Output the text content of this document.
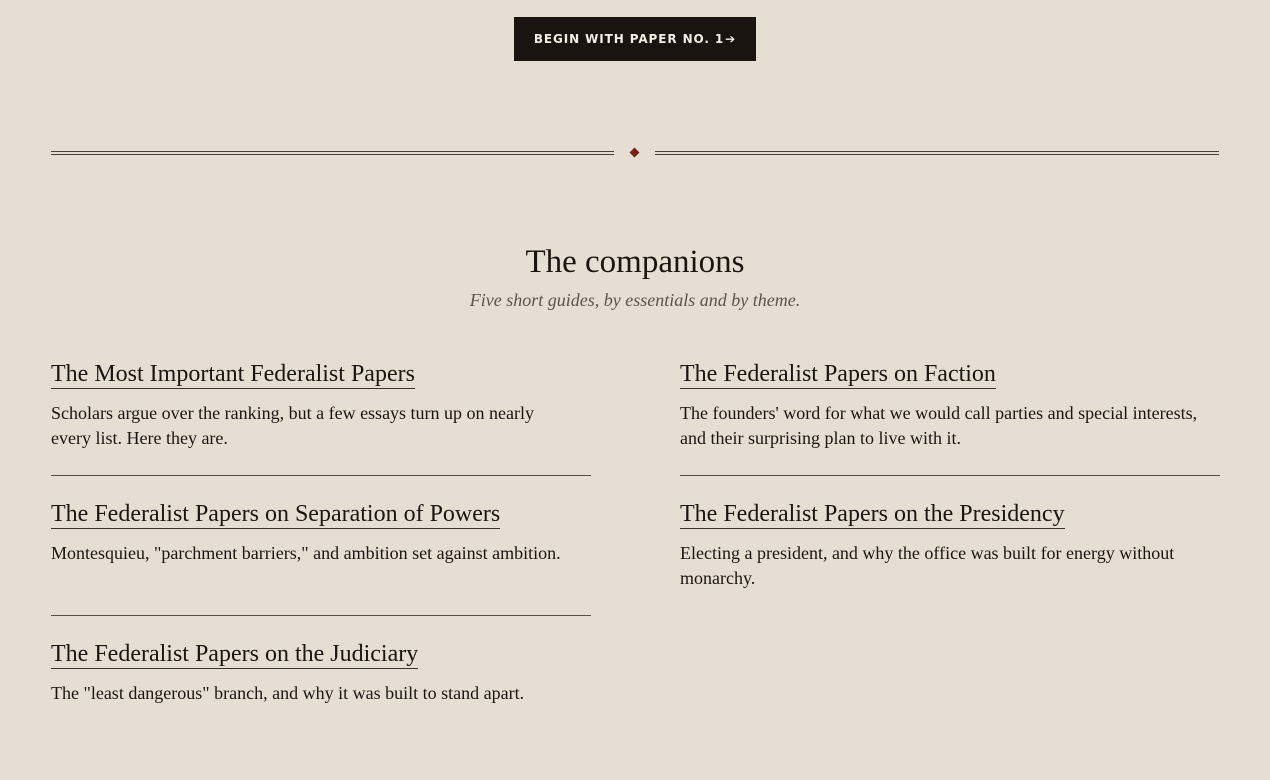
BEGIN WITH PAPER NO. 1 ➔
The companions

Five short guides, by essentials and by theme.

The Most Important Federalist Papers
Scholars argue over the ranking, but a few essays turn up on nearly every list. Here they are.
The Federalist Papers on Separation of Powers
Montesquieu, "parchment barriers," and ambition set against ambition.
The Federalist Papers on the Judiciary
The "least dangerous" branch, and why it was built to stand apart.
The Federalist Papers on Faction
The founders' word for what we would call parties and special interests, and their surprising plan to live with it.
The Federalist Papers on the Presidency
Electing a president, and why the office was built for energy without monarchy.
